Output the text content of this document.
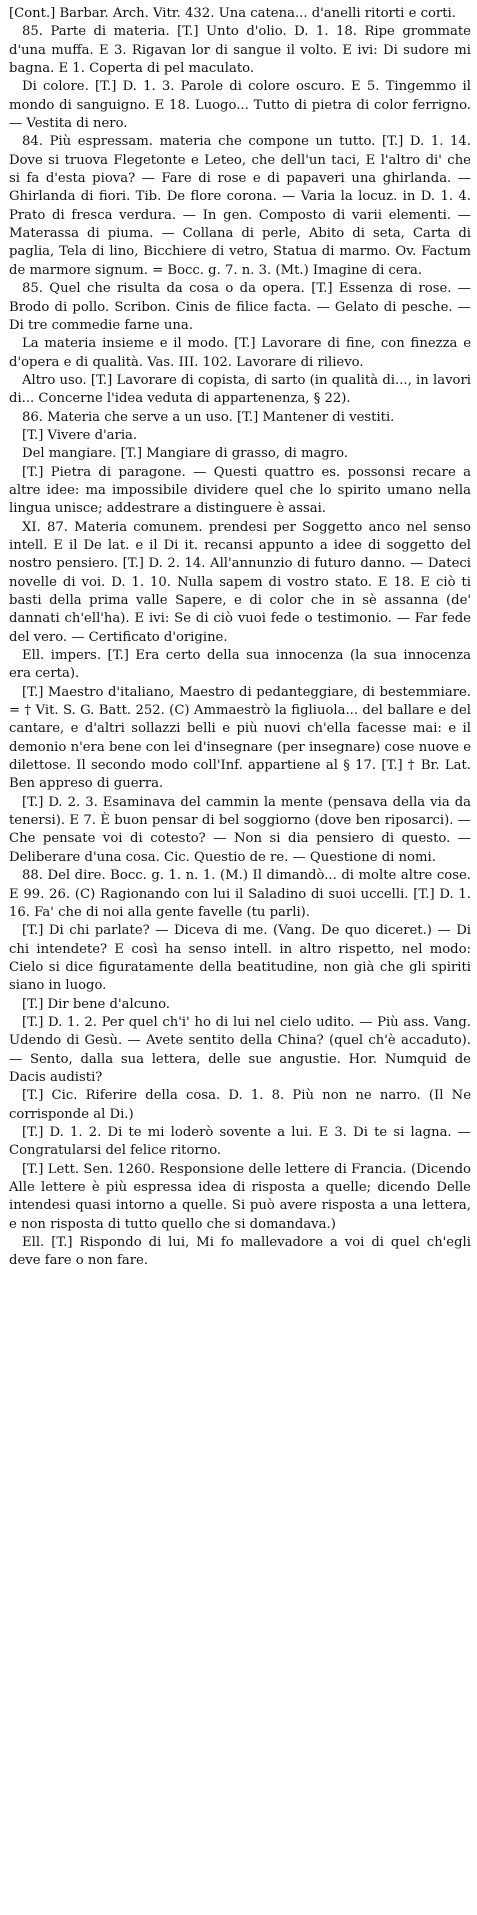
[Cont.] Barbar. Arch. Vitr. 432. Una catena... d'anelli ritorti e corti.

85. Parte di materia. [T.] Unto d'olio. D. 1. 18. Ripe grommate d'una muffa. E 3. Rigavan lor di sangue il volto. E ivi: Di sudore mi bagna. E 1. Coperta di pel maculato.

Di colore. [T.] D. 1. 3. Parole di colore oscuro. E 5. Tingemmo il mondo di sanguigno. E 18. Luogo... Tutto di pietra di color ferrigno. — Vestita di nero.

84. Più espressam. materia che compone un tutto. [T.] D. 1. 14. Dove si truova Flegetonte e Leteo, che dell'un taci, E l'altro di' che si fa d'esta piova? — Fare di rose e di papaveri una ghirlanda. — Ghirlanda di fiori. Tib. De flore corona. — Varia la locuz. in D. 1. 4. Prato di fresca verdura. — In gen. Composto di varii elementi. — Materassa di piuma. — Collana di perle, Abito di seta, Carta di paglia, Tela di lino, Bicchiere di vetro, Statua di marmo. Ov. Factum de marmore signum. = Bocc. g. 7. n. 3. (Mt.) Imagine di cera.

85. Quel che risulta da cosa o da opera. [T.] Essenza di rose. — Brodo di pollo. Scribon. Cinis de filice facta. — Gelato di pesche. — Di tre commedie farne una.

La materia insieme e il modo. [T.] Lavorare di fine, con finezza e d'opera e di qualità. Vas. III. 102. Lavorare di rilievo.

Altro uso. [T.] Lavorare di copista, di sarto (in qualità di..., in lavori di... Concerne l'idea veduta di appartenenza, § 22).

86. Materia che serve a un uso. [T.] Mantener di vestiti.

[T.] Vivere d'aria.

Del mangiare. [T.] Mangiare di grasso, di magro.

[T.] Pietra di paragone. — Questi quattro es. possonsi recare a altre idee: ma impossibile dividere quel che lo spirito umano nella lingua unisce; addestrare a distinguere è assai.

XI. 87. Materia comunem. prendesi per Soggetto anco nel senso intell. E il De lat. e il Di it. recansi appunto a idee di soggetto del nostro pensiero. [T.] D. 2. 14. All'annunzio di futuro danno. — Dateci novelle di voi. D. 1. 10. Nulla sapem di vostro stato. E 18. E ciò ti basti della prima valle Sapere, e di color che in sè assanna (de' dannati ch'ell'ha). E ivi: Se di ciò vuoi fede o testimonio. — Far fede del vero. — Certificato d'origine.

Ell. impers. [T.] Era certo della sua innocenza (la sua innocenza era certa).

[T.] Maestro d'italiano, Maestro di pedanteggiare, di bestemmiare. = † Vit. S. G. Batt. 252. (C) Ammaestrò la figliuola... del ballare e del cantare, e d'altri sollazzi belli e più nuovi ch'ella facesse mai: e il demonio n'era bene con lei d'insegnare (per insegnare) cose nuove e dilettose. Il secondo modo coll'Inf. appartiene al § 17. [T.] † Br. Lat. Ben appreso di guerra.

[T.] D. 2. 3. Esaminava del cammin la mente (pensava della via da tenersi). E 7. È buon pensar di bel soggiorno (dove ben riposarci). — Che pensate voi di cotesto? — Non si dia pensiero di questo. — Deliberare d'una cosa. Cic. Questio de re. — Questione di nomi.

88. Del dire. Bocc. g. 1. n. 1. (M.) Il dimandò... di molte altre cose. E 99. 26. (C) Ragionando con lui il Saladino di suoi uccelli. [T.] D. 1. 16. Fa' che di noi alla gente favelle (tu parli).

[T.] Di chi parlate? — Diceva di me. (Vang. De quo diceret.) — Di chi intendete? E così ha senso intell. in altro rispetto, nel modo: Cielo si dice figuratamente della beatitudine, non già che gli spiriti siano in luogo.

[T.] Dir bene d'alcuno.

[T.] D. 1. 2. Per quel ch'i' ho di lui nel cielo udito. — Più ass. Vang. Udendo di Gesù. — Avete sentito della China? (quel ch'è accaduto). — Sento, dalla sua lettera, delle sue angustie. Hor. Numquid de Dacis audisti?

[T.] Cic. Riferire della cosa. D. 1. 8. Più non ne narro. (Il Ne corrisponde al Di.)

[T.] D. 1. 2. Di te mi loderò sovente a lui. E 3. Di te si lagna. — Congratularsi del felice ritorno.

[T.] Lett. Sen. 1260. Responsione delle lettere di Francia. (Dicendo Alle lettere è più espressa idea di risposta a quelle; dicendo Delle intendesi quasi intorno a quelle. Si può avere risposta a una lettera, e non risposta di tutto quello che si domandava.)

Ell. [T.] Rispondo di lui, Mi fo mallevadore a voi di quel ch'egli deve fare o non fare.
